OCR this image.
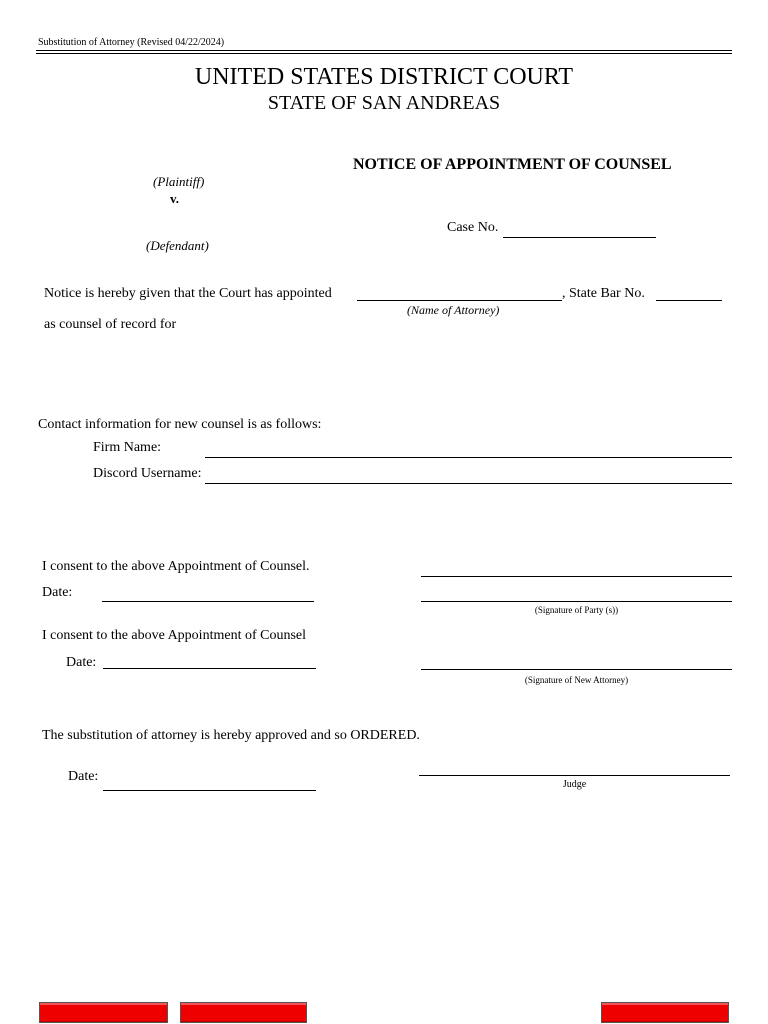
Substitution of Attorney (Revised 04/22/2024)
UNITED STATES DISTRICT COURT
STATE OF SAN ANDREAS
NOTICE OF APPOINTMENT OF COUNSEL
(Plaintiff)
v.
(Defendant)
Case No.
Notice is hereby given that the Court has appointed	, State Bar No.
(Name of Attorney)
as counsel of record for
Contact information for new counsel is as follows:
Firm Name:
Discord Username:
I consent to the above Appointment of Counsel.
Date:
(Signature of Party (s))
I consent to the above Appointment of Counsel
Date:
(Signature of New Attorney)
The substitution of attorney is hereby approved and so ORDERED.
Date:
Judge
